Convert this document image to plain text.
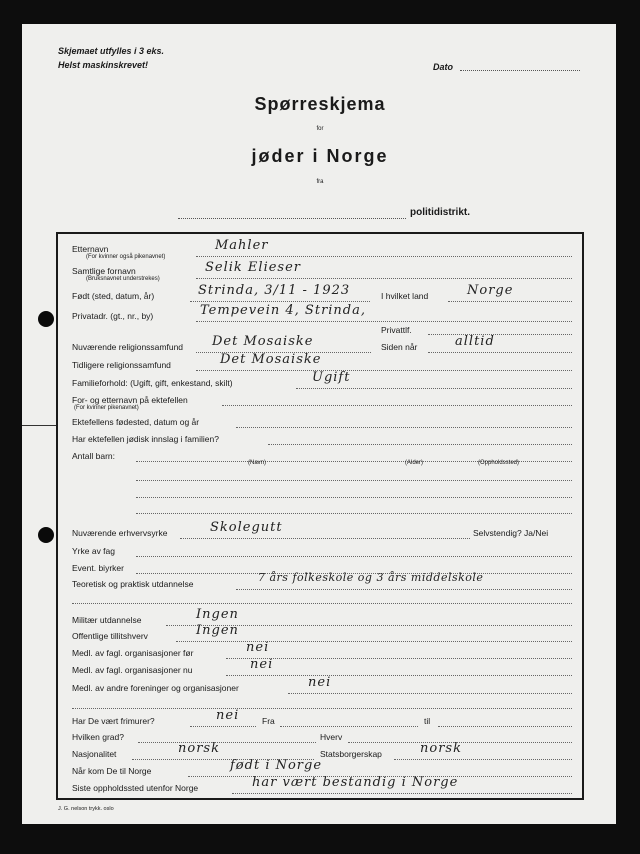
Skjemaet utfylles i 3 eks.
Helst maskinskrevet!	Dato
Spørreskjema
for
jøder i Norge
fra
politidistrikt.
Etternavn
(For kvinner også pikenavnet)
Mahler
Samtlige fornavn
(Bruksnavnet understrekes)
Selik Elieser
Født (sted, datum, år)	Strinda, 3/11 - 1923	I hvilket land	Norge
Privatadr. (gt., nr., by)	Tempevein 4, Strinda,
Privattlf.
Nuværende religionssamfund Det Mosaiske	Siden når	alltid
Tidligere religionssamfund	Det Mosaiske
Familieforhold: (Ugift, gift, enkestand, skilt)	Ugift
For- og etternavn på ektefellen
(For kvinner pikenavnet)
Ektefellens fødested, datum og år
Har ektefellen jødisk innslag i familien?
Antall barn:
(Navn)	(Alder)	(Oppholdssted)
Nuværende erhvervsyrke	Skolegutt	Selvstendig? Ja/Nei
Yrke av fag
Event. biyrker
Teoretisk og praktisk utdannelse	7 års folkeskole og 3 års middelskole
Militær utdannelse	Ingen
Offentlige tillitshverv	Ingen
Medl. av fagl. organisasjoner før	nei
Medl. av fagl. organisasjoner nu	nei
Medl. av andre foreninger og organisasjoner	nei
Har De vært frimurer?	nei	Fra	til
Hvilken grad?	Hverv
Nasjonalitet	norsk	Statsborgerskap	norsk
Når kom De til Norge	født i Norge
Siste oppholdssted utenfor Norge	har vært bestandig i Norge
J. G. nelson trykk. oslo
